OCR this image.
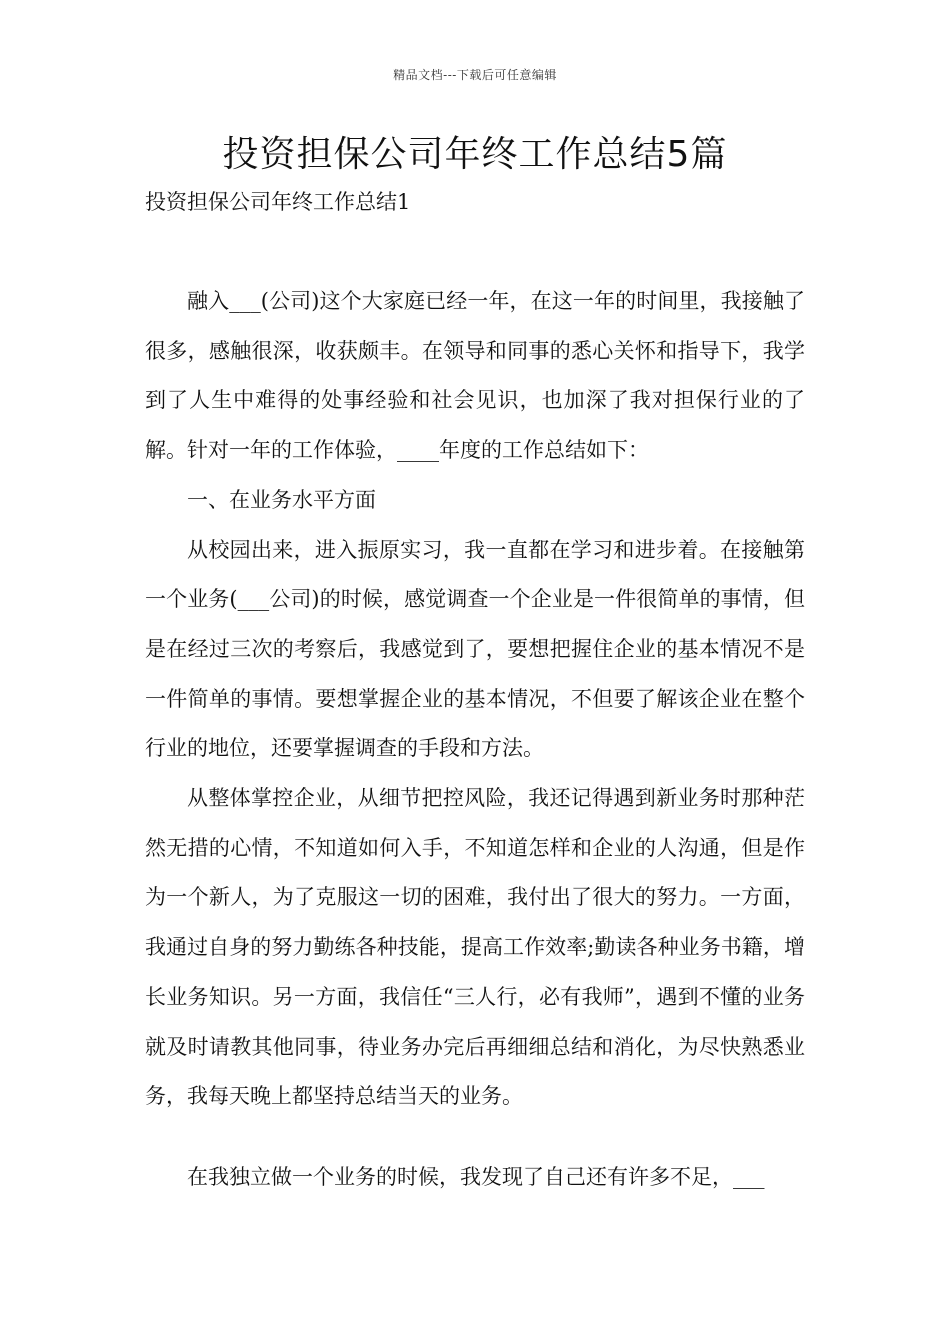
精品文档---下载后可任意编辑
投资担保公司年终工作总结5篇
投资担保公司年终工作总结1

融入___(公司)这个大家庭已经一年，在这一年的时间里，我接触了很多，感触很深，收获颇丰。在领导和同事的悉心关怀和指导下，我学到了人生中难得的处事经验和社会见识，也加深了我对担保行业的了解。针对一年的工作体验，____年度的工作总结如下：

一、在业务水平方面

从校园出来，进入振原实习，我一直都在学习和进步着。在接触第一个业务(___公司)的时候，感觉调查一个企业是一件很简单的事情，但是在经过三次的考察后，我感觉到了，要想把握住企业的基本情况不是一件简单的事情。要想掌握企业的基本情况，不但要了解该企业在整个行业的地位，还要掌握调查的手段和方法。

从整体掌控企业，从细节把控风险，我还记得遇到新业务时那种茫然无措的心情，不知道如何入手，不知道怎样和企业的人沟通，但是作为一个新人，为了克服这一切的困难，我付出了很大的努力。一方面，我通过自身的努力勤练各种技能，提高工作效率;勤读各种业务书籍，增长业务知识。另一方面，我信任“三人行，必有我师”，遇到不懂的业务就及时请教其他同事，待业务办完后再细细总结和消化，为尽快熟悉业务，我每天晚上都坚持总结当天的业务。

在我独立做一个业务的时候，我发现了自己还有许多不足，___
